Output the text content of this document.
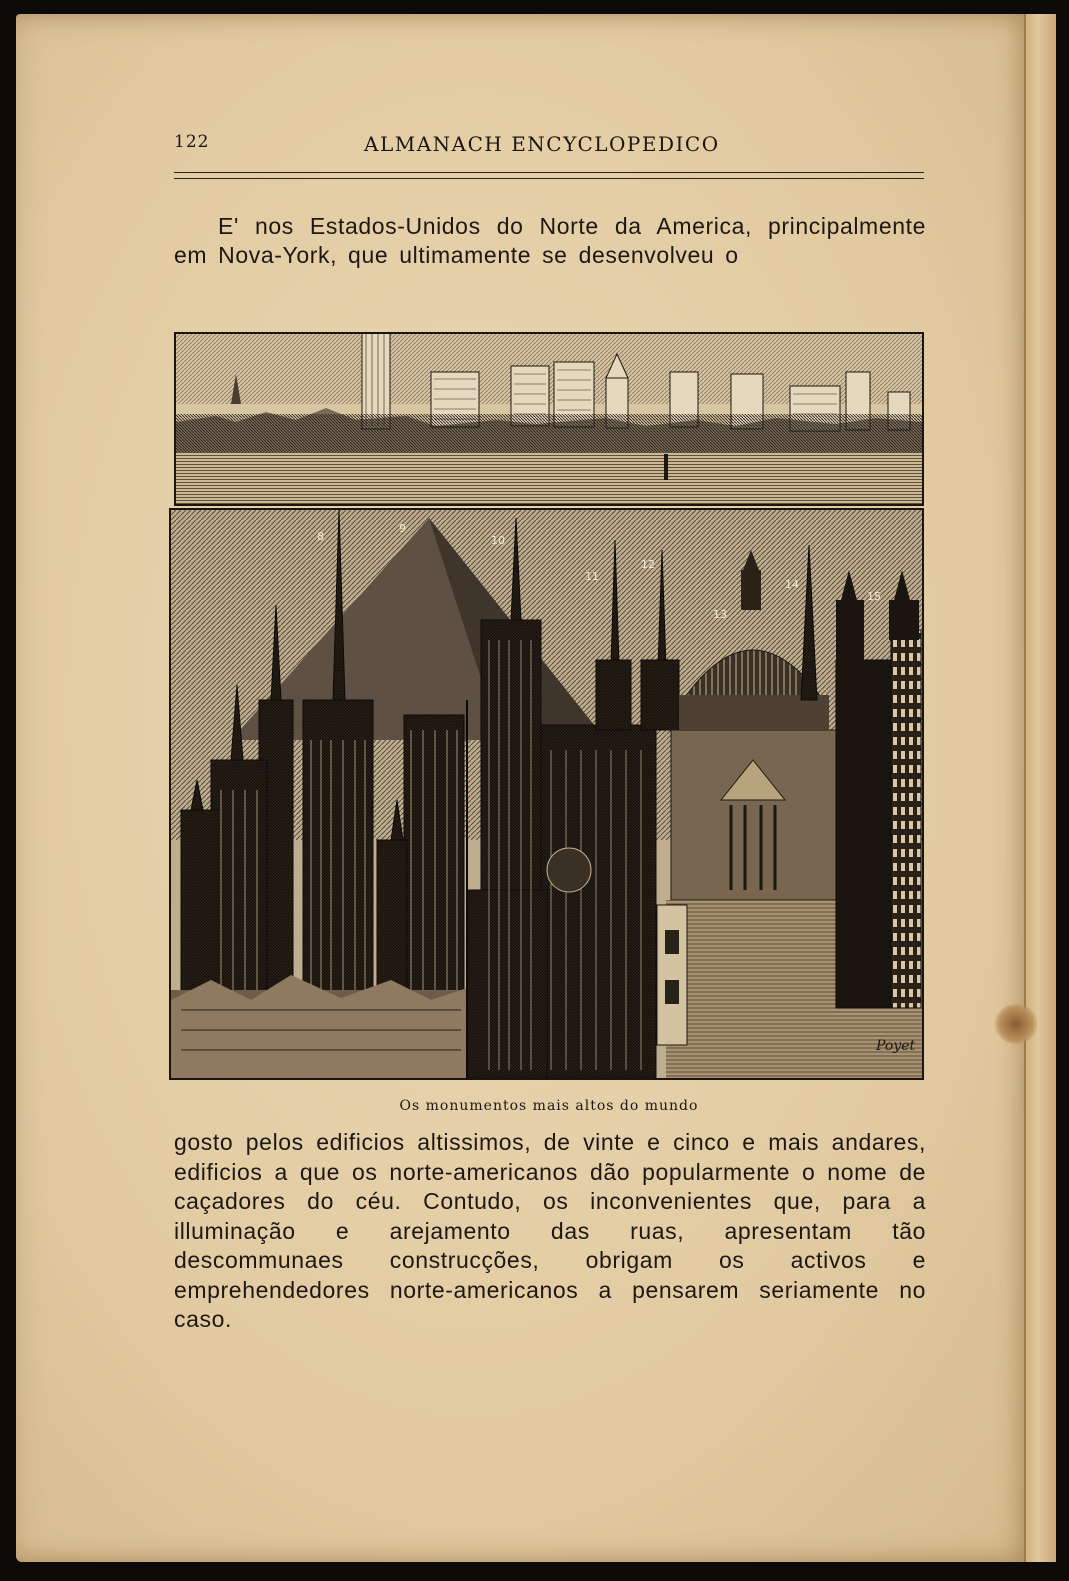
122	ALMANACH ENCYCLOPEDICO

E' nos Estados-Unidos do Norte da America, principalmente em Nova-York, que ultimamente se desenvolveu o

8
9
10
11
12
13
14
15
Poyet
Os monumentos mais altos do mundo

gosto pelos edificios altissimos, de vinte e cinco e mais andares, edificios a que os norte-americanos dão popularmente o nome de caçadores do céu. Contudo, os inconvenientes que, para a illuminação e arejamento das ruas, apresentam tão descommunaes construcções, obrigam os activos e emprehendedores norte-americanos a pensarem seriamente no caso.
